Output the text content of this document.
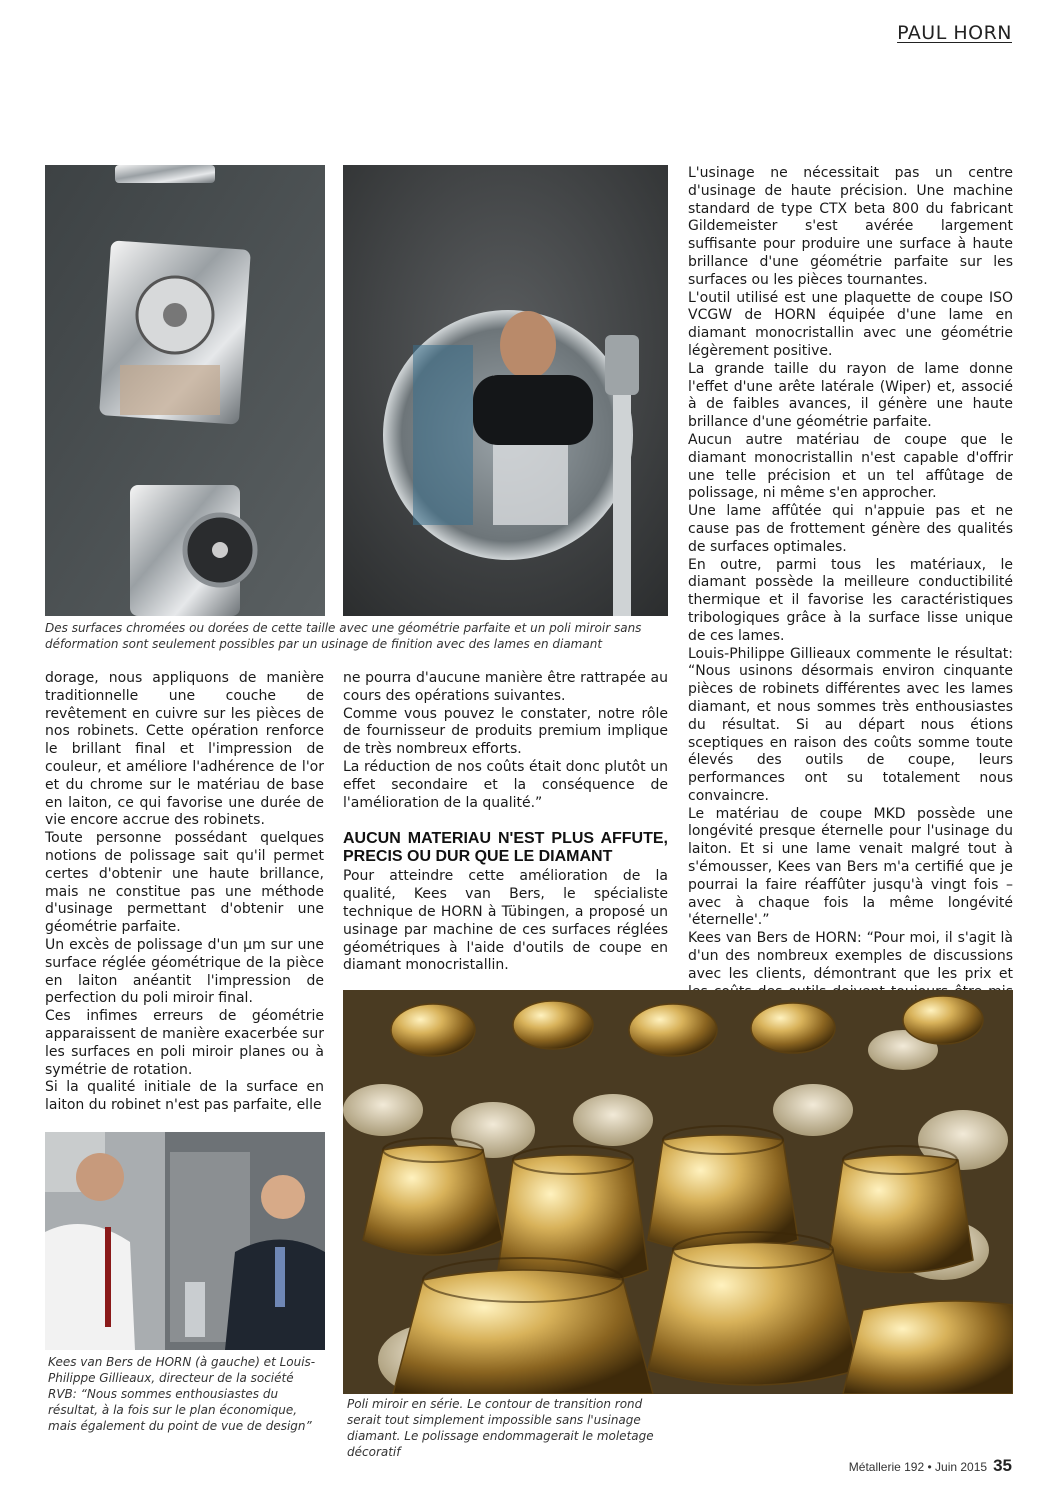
PAUL HORN
Des surfaces chromées ou dorées de cette taille avec une géométrie parfaite et un poli miroir sans déformation sont seulement possibles par un usinage de finition avec des lames en diamant

dorage, nous appliquons de manière traditionnelle une couche de revêtement en cuivre sur les pièces de nos robinets. Cette opération renforce le brillant final et l'impression de couleur, et améliore l'adhérence de l'or et du chrome sur le matériau de base en laiton, ce qui favorise une durée de vie encore accrue des robinets.

Toute personne possédant quelques notions de polissage sait qu'il permet certes d'obtenir une haute brillance, mais ne constitue pas une méthode d'usinage permettant d'obtenir une géométrie parfaite.

Un excès de polissage d'un µm sur une surface réglée géométrique de la pièce en laiton anéantit l'impression de perfection du poli miroir final.

Ces infimes erreurs de géométrie apparaissent de manière exacerbée sur les surfaces en poli miroir planes ou à symétrie de rotation.

Si la qualité initiale de la surface en laiton du robinet n'est pas parfaite, elle

ne pourra d'aucune manière être rattrapée au cours des opérations suivantes.

Comme vous pouvez le constater, notre rôle de fournisseur de produits premium implique de très nombreux efforts.

La réduction de nos coûts était donc plutôt un effet secondaire et la conséquence de l'amélioration de la qualité.”

AUCUN MATERIAU N'EST PLUS AFFUTE, PRECIS OU DUR QUE LE DIAMANT

Pour atteindre cette amélioration de la qualité, Kees van Bers, le spécialiste technique de HORN à Tübingen, a proposé un usinage par machine de ces surfaces réglées géométriques à l'aide d'outils de coupe en diamant monocristallin.

L'usinage ne nécessitait pas un centre d'usinage de haute précision. Une machine standard de type CTX beta 800 du fabricant Gildemeister s'est avérée largement suffisante pour produire une surface à haute brillance d'une géométrie parfaite sur les surfaces ou les pièces tournantes.

L'outil utilisé est une plaquette de coupe ISO VCGW de HORN équipée d'une lame en diamant monocristallin avec une géométrie légèrement positive.

La grande taille du rayon de lame donne l'effet d'une arête latérale (Wiper) et, associé à de faibles avances, il génère une haute brillance d'une géométrie parfaite.

Aucun autre matériau de coupe que le diamant monocristallin n'est capable d'offrir une telle précision et un tel affûtage de polissage, ni même s'en approcher.

Une lame affûtée qui n'appuie pas et ne cause pas de frottement génère des qualités de surfaces optimales.

En outre, parmi tous les matériaux, le diamant possède la meilleure conductibilité thermique et il favorise les caractéristiques tribologiques grâce à la surface lisse unique de ces lames.

Louis-Philippe Gillieaux commente le résultat: “Nous usinons désormais environ cinquante pièces de robinets différentes avec les lames diamant, et nous sommes très enthousiastes du résultat. Si au départ nous étions sceptiques en raison des coûts somme toute élevés des outils de coupe, leurs performances ont su totalement nous convaincre.

Le matériau de coupe MKD possède une longévité presque éternelle pour l'usinage du laiton. Et si une lame venait malgré tout à s'émousser, Kees van Bers m'a certifié que je pourrai la faire réaffûter jusqu'à vingt fois – avec à chaque fois la même longévité 'éternelle'.”

Kees van Bers de HORN: “Pour moi, il s'agit là d'un des nombreux exemples de discussions avec les clients, démontrant que les prix et

Kees van Bers de HORN (à gauche) et Louis-Philippe Gillieaux, directeur de la société RVB: “Nous sommes enthousiastes du résultat, à la fois sur le plan économique, mais également du point de vue de design”
Poli miroir en série. Le contour de transition rond serait tout simplement impossible sans l'usinage diamant. Le polissage endommagerait le moletage décoratif
Métallerie 192 • Juin 2015 35
